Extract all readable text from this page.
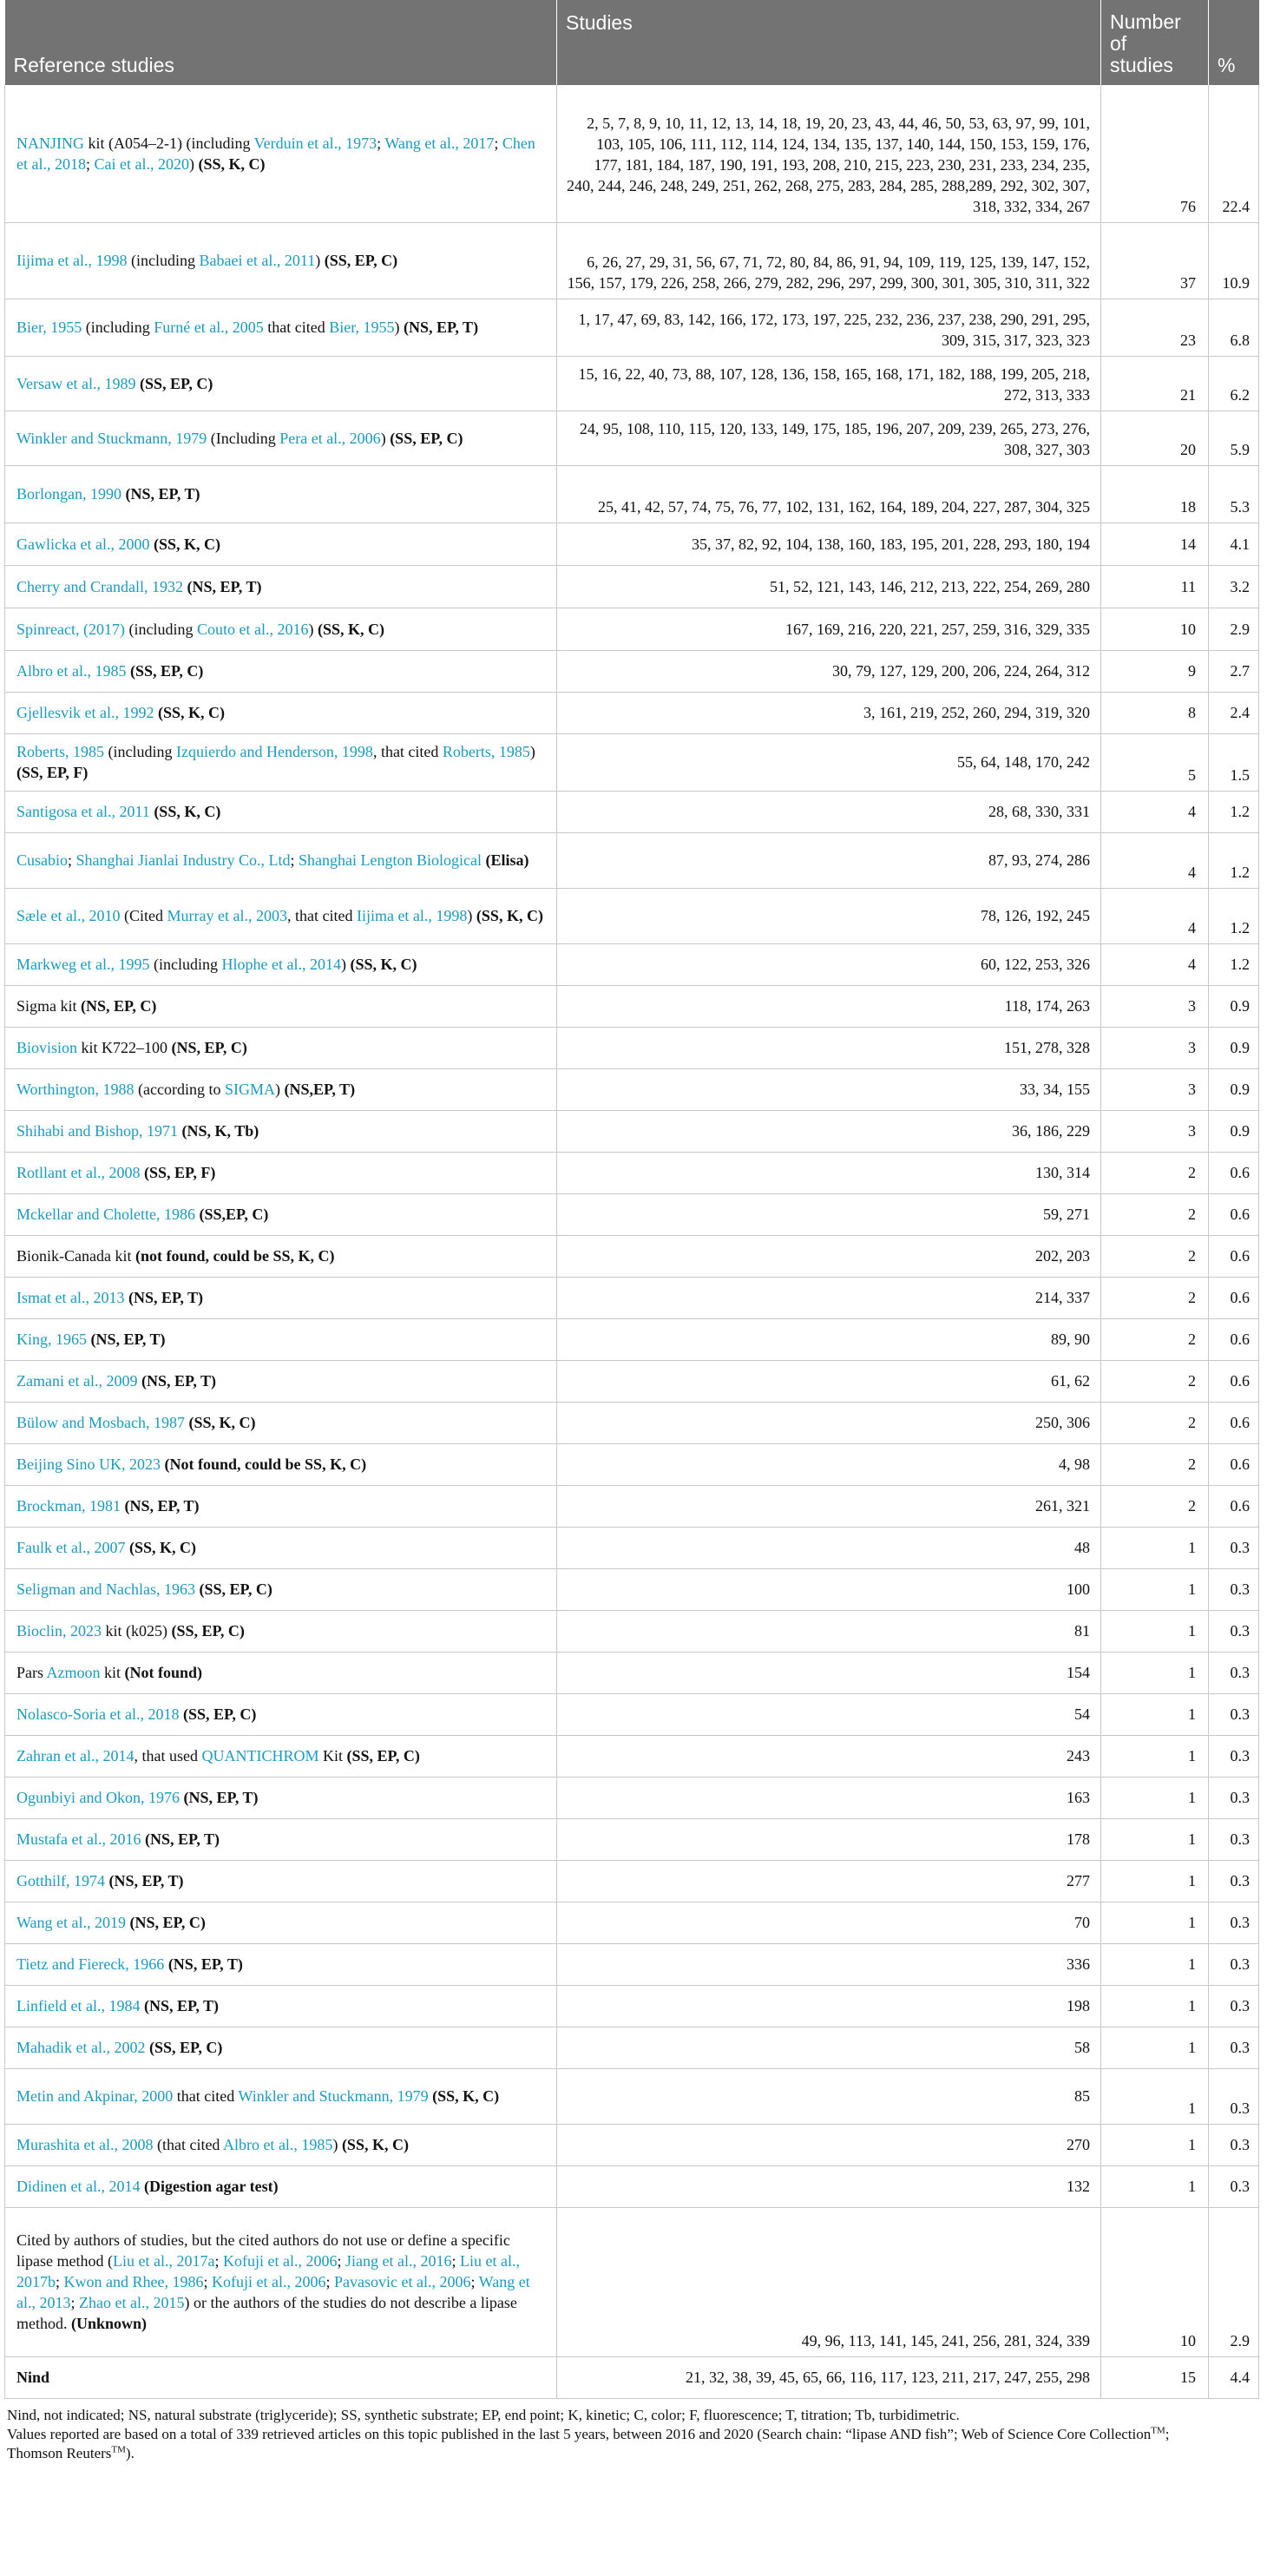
Reference studies	Studies	Number
of
studies	%
NANJING kit (A054–2-1) (including Verduin et al., 1973; Wang et al., 2017; Chen et al., 2018; Cai et al., 2020) (SS, K, C)	2, 5, 7, 8, 9, 10, 11, 12, 13, 14, 18, 19, 20, 23, 43, 44, 46, 50, 53, 63, 97, 99, 101, 103, 105, 106, 111, 112, 114, 124, 134, 135, 137, 140, 144, 150, 153, 159, 176, 177, 181, 184, 187, 190, 191, 193, 208, 210, 215, 223, 230, 231, 233, 234, 235, 240, 244, 246, 248, 249, 251, 262, 268, 275, 283, 284, 285, 288,289, 292, 302, 307, 318, 332, 334, 267	76	22.4
Iijima et al., 1998 (including Babaei et al., 2011) (SS, EP, C)	6, 26, 27, 29, 31, 56, 67, 71, 72, 80, 84, 86, 91, 94, 109, 119, 125, 139, 147, 152, 156, 157, 179, 226, 258, 266, 279, 282, 296, 297, 299, 300, 301, 305, 310, 311, 322	37	10.9
Bier, 1955 (including Furné et al., 2005 that cited Bier, 1955) (NS, EP, T)	1, 17, 47, 69, 83, 142, 166, 172, 173, 197, 225, 232, 236, 237, 238, 290, 291, 295, 309, 315, 317, 323, 323	23	6.8
Versaw et al., 1989 (SS, EP, C)	15, 16, 22, 40, 73, 88, 107, 128, 136, 158, 165, 168, 171, 182, 188, 199, 205, 218, 272, 313, 333	21	6.2
Winkler and Stuckmann, 1979 (Including Pera et al., 2006) (SS, EP, C)	24, 95, 108, 110, 115, 120, 133, 149, 175, 185, 196, 207, 209, 239, 265, 273, 276, 308, 327, 303	20	5.9
Borlongan, 1990 (NS, EP, T)	25, 41, 42, 57, 74, 75, 76, 77, 102, 131, 162, 164, 189, 204, 227, 287, 304, 325	18	5.3
Gawlicka et al., 2000 (SS, K, C)	35, 37, 82, 92, 104, 138, 160, 183, 195, 201, 228, 293, 180, 194	14	4.1
Cherry and Crandall, 1932 (NS, EP, T)	51, 52, 121, 143, 146, 212, 213, 222, 254, 269, 280	11	3.2
Spinreact, (2017) (including Couto et al., 2016) (SS, K, C)	167, 169, 216, 220, 221, 257, 259, 316, 329, 335	10	2.9
Albro et al., 1985 (SS, EP, C)	30, 79, 127, 129, 200, 206, 224, 264, 312	9	2.7
Gjellesvik et al., 1992 (SS, K, C)	3, 161, 219, 252, 260, 294, 319, 320	8	2.4
Roberts, 1985 (including Izquierdo and Henderson, 1998, that cited Roberts, 1985) (SS, EP, F)	55, 64, 148, 170, 242	5	1.5
Santigosa et al., 2011 (SS, K, C)	28, 68, 330, 331	4	1.2
Cusabio; Shanghai Jianlai Industry Co., Ltd; Shanghai Lengton Biological (Elisa)	87, 93, 274, 286	4	1.2
Sæle et al., 2010 (Cited Murray et al., 2003, that cited Iijima et al., 1998) (SS, K, C)	78, 126, 192, 245	4	1.2
Markweg et al., 1995 (including Hlophe et al., 2014) (SS, K, C)	60, 122, 253, 326	4	1.2
Sigma kit (NS, EP, C)	118, 174, 263	3	0.9
Biovision kit K722–100 (NS, EP, C)	151, 278, 328	3	0.9
Worthington, 1988 (according to SIGMA) (NS,EP, T)	33, 34, 155	3	0.9
Shihabi and Bishop, 1971 (NS, K, Tb)	36, 186, 229	3	0.9
Rotllant et al., 2008 (SS, EP, F)	130, 314	2	0.6
Mckellar and Cholette, 1986 (SS,EP, C)	59, 271	2	0.6
Bionik-Canada kit (not found, could be SS, K, C)	202, 203	2	0.6
Ismat et al., 2013 (NS, EP, T)	214, 337	2	0.6
King, 1965 (NS, EP, T)	89, 90	2	0.6
Zamani et al., 2009 (NS, EP, T)	61, 62	2	0.6
Bülow and Mosbach, 1987 (SS, K, C)	250, 306	2	0.6
Beijing Sino UK, 2023 (Not found, could be SS, K, C)	4, 98	2	0.6
Brockman, 1981 (NS, EP, T)	261, 321	2	0.6
Faulk et al., 2007 (SS, K, C)	48	1	0.3
Seligman and Nachlas, 1963 (SS, EP, C)	100	1	0.3
Bioclin, 2023 kit (k025) (SS, EP, C)	81	1	0.3
Pars Azmoon kit (Not found)	154	1	0.3
Nolasco-Soria et al., 2018 (SS, EP, C)	54	1	0.3
Zahran et al., 2014, that used QUANTICHROM Kit (SS, EP, C)	243	1	0.3
Ogunbiyi and Okon, 1976 (NS, EP, T)	163	1	0.3
Mustafa et al., 2016 (NS, EP, T)	178	1	0.3
Gotthilf, 1974 (NS, EP, T)	277	1	0.3
Wang et al., 2019 (NS, EP, C)	70	1	0.3
Tietz and Fiereck, 1966 (NS, EP, T)	336	1	0.3
Linfield et al., 1984 (NS, EP, T)	198	1	0.3
Mahadik et al., 2002 (SS, EP, C)	58	1	0.3
Metin and Akpinar, 2000 that cited Winkler and Stuckmann, 1979 (SS, K, C)	85	1	0.3
Murashita et al., 2008 (that cited Albro et al., 1985) (SS, K, C)	270	1	0.3
Didinen et al., 2014 (Digestion agar test)	132	1	0.3
Cited by authors of studies, but the cited authors do not use or define a specific lipase method (Liu et al., 2017a; Kofuji et al., 2006; Jiang et al., 2016; Liu et al., 2017b; Kwon and Rhee, 1986; Kofuji et al., 2006; Pavasovic et al., 2006; Wang et al., 2013; Zhao et al., 2015) or the authors of the studies do not describe a lipase method. (Unknown)	49, 96, 113, 141, 145, 241, 256, 281, 324, 339	10	2.9
Nind	21, 32, 38, 39, 45, 65, 66, 116, 117, 123, 211, 217, 247, 255, 298	15	4.4
Nind, not indicated; NS, natural substrate (triglyceride); SS, synthetic substrate; EP, end point; K, kinetic; C, color; F, fluorescence; T, titration; Tb, turbidimetric.
Values reported are based on a total of 339 retrieved articles on this topic published in the last 5 years, between 2016 and 2020 (Search chain: “lipase AND fish”; Web of Science Core Collection™;
Thomson Reuters™).
